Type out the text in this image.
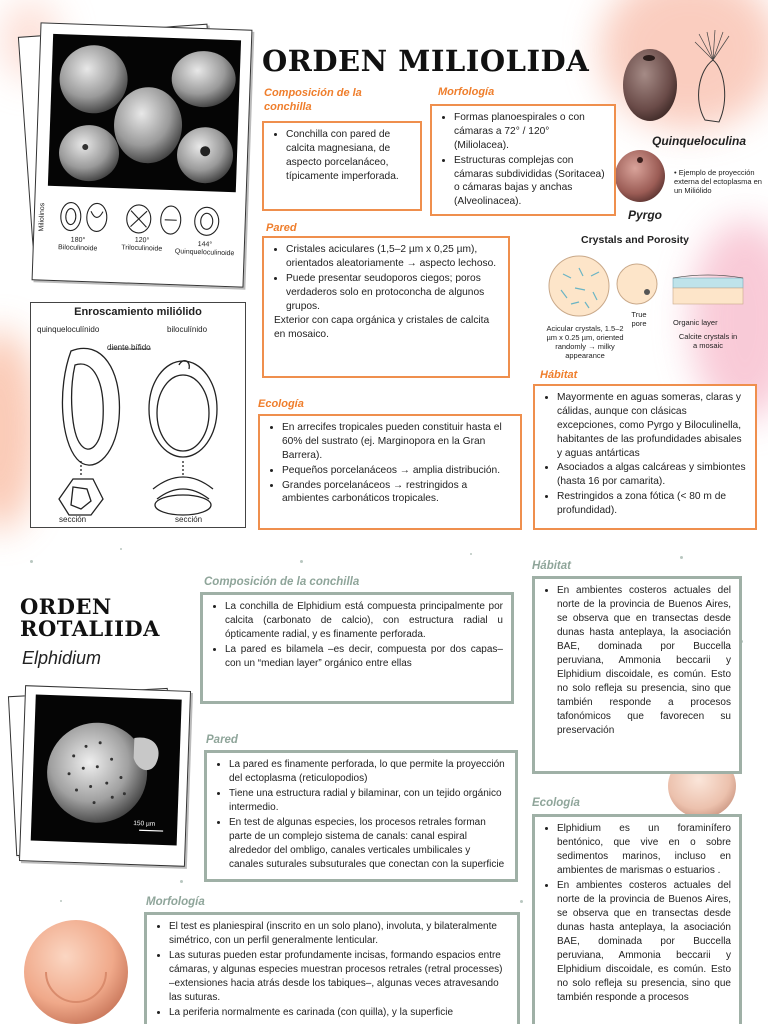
Miliolinos
180°
Biloculinoide
120°
Triloculinoide	144°
Quinqueloculinoide
ORDEN MILIOLIDA
Quinqueloculina
Pyrgo
• Ejemplo de proyección externa del ectoplasma en un Miliólido
Composición de la conchilla
• Conchilla con pared de calcita magnesiana, de aspecto porcelanáceo, típicamente imperforada.
Morfología
• Formas planoespirales o con cámaras a 72° / 120° (Miliolacea).
• Estructuras complejas con cámaras subdivididas (Soritacea) o cámaras bajas y anchas (Alveolinacea).
Pared
• Cristales aciculares (1,5–2 µm x 0,25 µm), orientados aleatoriamente → aspecto lechoso.
• Puede presentar seudoporos ciegos; poros verdaderos solo en protoconcha de algunos grupos.
Exterior con capa orgánica y cristales de calcita en mosaico.
Crystals and Porosity
Acicular crystals, 1.5–2 µm x 0.25 µm, oriented randomly → milky appearance
True pore	Organic layer
Calcite crystals in a mosaic
Enroscamiento miliólido
quinqueloculínido	biloculínido
diente bífido
sección	sección
Hábitat
• Mayormente en aguas someras, claras y cálidas, aunque con clásicas excepciones, como Pyrgo y Biloculinella, habitantes de las profundidades abisales y aguas antárticas
• Asociados a algas calcáreas y simbiontes (hasta 16 por camarita).
• Restringidos a zona fótica (< 80 m de profundidad).
Ecología
• En arrecifes tropicales pueden constituir hasta el 60% del sustrato (ej. Marginopora en la Gran Barrera).
• Pequeños porcelanáceos → amplia distribución.
• Grandes porcelanáceos → restringidos a ambientes carbonáticos tropicales.
ORDEN
ROTALIIDA
Elphidium
150 µm
Composición de la conchilla
• La conchilla de Elphidium está compuesta principalmente por calcita (carbonato de calcio), con estructura radial u ópticamente radial, y es finamente perforada.
• La pared es bilamela –es decir, compuesta por dos capas– con un “median layer” orgánico entre ellas
Pared
• La pared es finamente perforada, lo que permite la proyección del ectoplasma (reticulopodios)
• Tiene una estructura radial y bilaminar, con un tejido orgánico intermedio.
• En test de algunas especies, los procesos retrales forman parte de un complejo sistema de canals: canal espiral alrededor del ombligo, canales verticales umbilicales y canales suturales subsuturales que conectan con la superficie
Morfología
• El test es planiespiral (inscrito en un solo plano), involuta, y bilateralmente simétrico, con un perfil generalmente lenticular.
• Las suturas pueden estar profundamente incisas, formando espacios entre cámaras, y algunas especies muestran procesos retrales (retral processes) –extensiones hacia atrás desde los tabiques–, algunas veces atravesando las suturas.
• La periferia normalmente es carinada (con quilla), y la superficie
Hábitat
• En ambientes costeros actuales del norte de la provincia de Buenos Aires, se observa que en transectas desde dunas hasta anteplaya, la asociación BAE, dominada por Buccella peruviana, Ammonia beccarii y Elphidium discoidale, es común. Esto no solo refleja su presencia, sino que también responde a procesos tafonómicos que favorecen su preservación
Ecología
• Elphidium es un foraminífero bentónico, que vive en o sobre sedimentos marinos, incluso en ambientes de marismas o estuarios .
• En ambientes costeros actuales del norte de la provincia de Buenos Aires, se observa que en transectas desde dunas hasta anteplaya, la asociación BAE, dominada por Buccella peruviana, Ammonia beccarii y Elphidium discoidale, es común. Esto no solo refleja su presencia, sino que también responde a procesos
